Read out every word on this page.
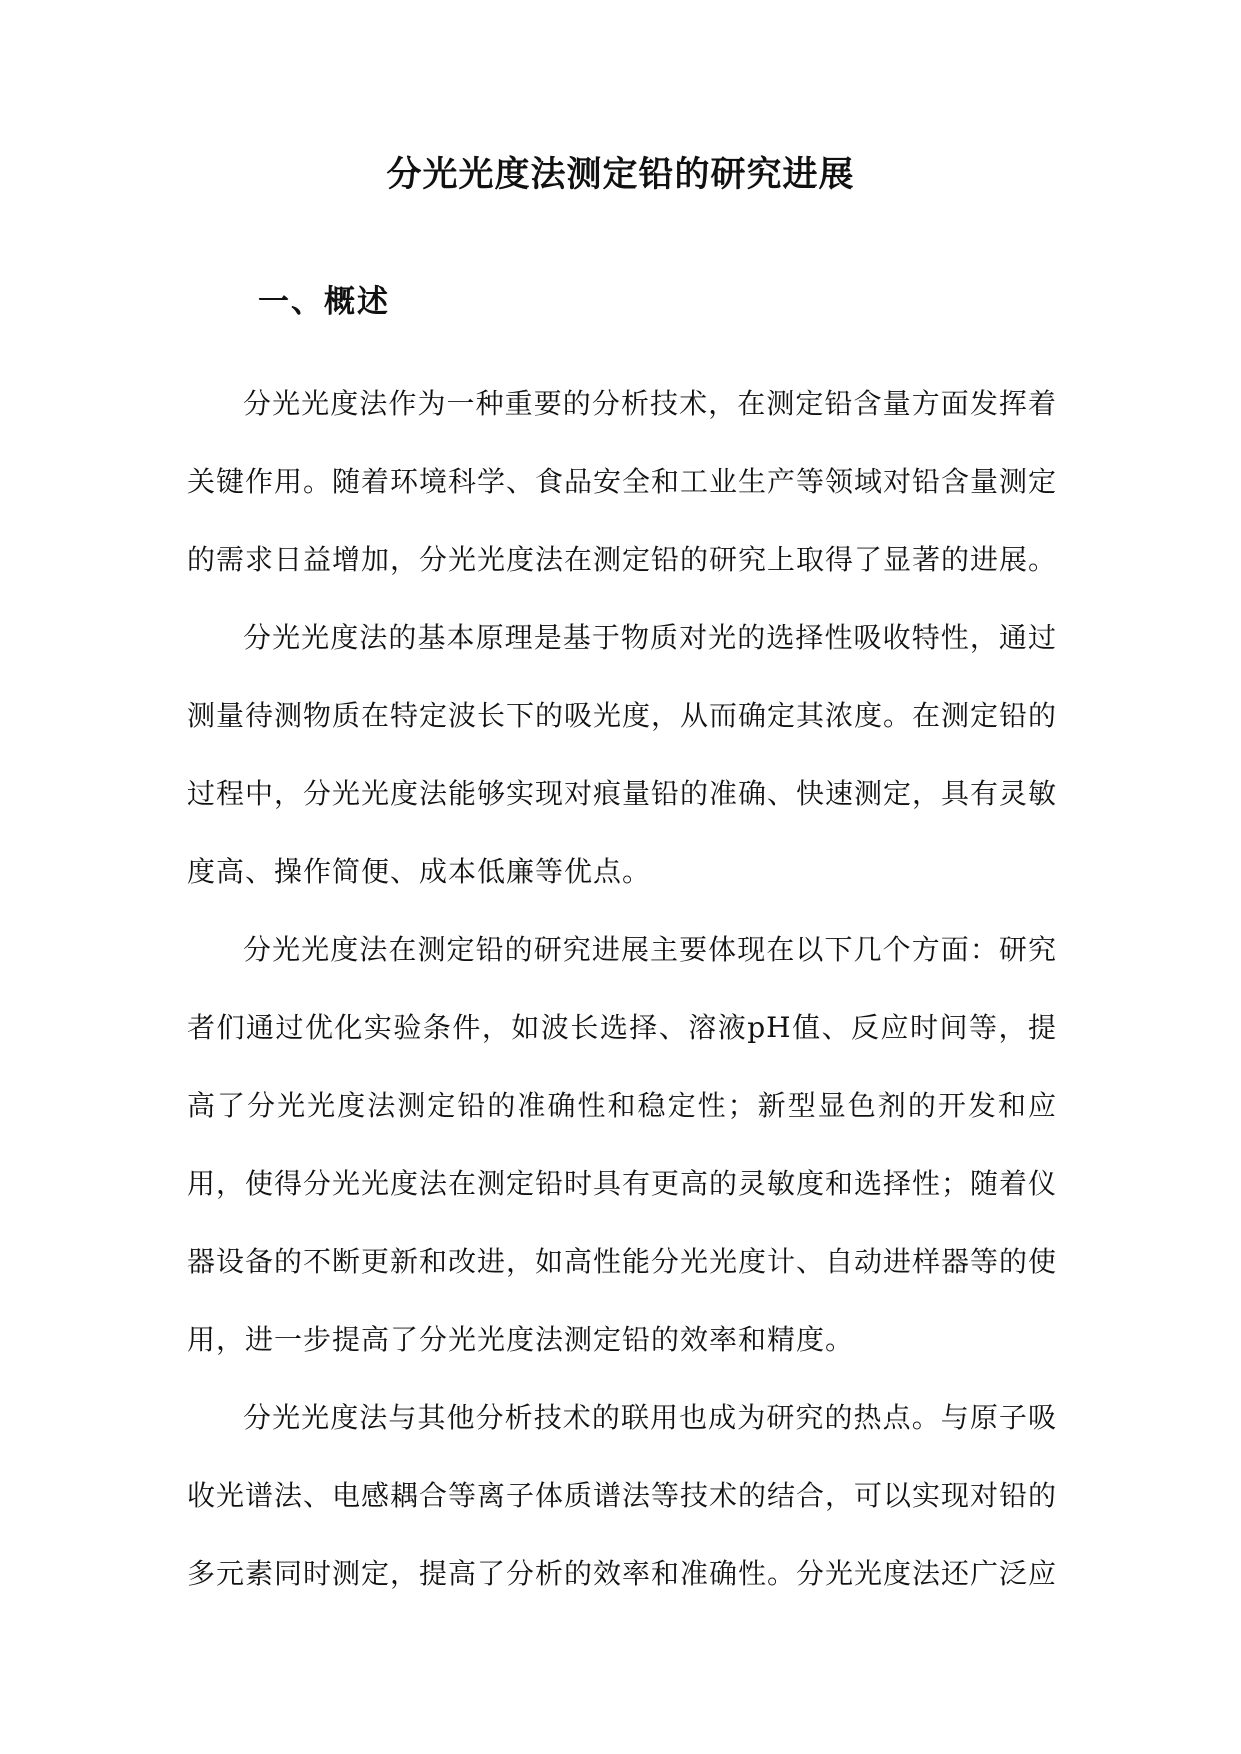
分光光度法测定铅的研究进展
一、概述

分光光度法作为一种重要的分析技术，在测定铅含量方面发挥着关键作用。随着环境科学、食品安全和工业生产等领域对铅含量测定的需求日益增加，分光光度法在测定铅的研究上取得了显著的进展。

分光光度法的基本原理是基于物质对光的选择性吸收特性，通过测量待测物质在特定波长下的吸光度，从而确定其浓度。在测定铅的过程中，分光光度法能够实现对痕量铅的准确、快速测定，具有灵敏度高、操作简便、成本低廉等优点。

分光光度法在测定铅的研究进展主要体现在以下几个方面：研究者们通过优化实验条件，如波长选择、溶液pH值、反应时间等，提高了分光光度法测定铅的准确性和稳定性；新型显色剂的开发和应用，使得分光光度法在测定铅时具有更高的灵敏度和选择性；随着仪器设备的不断更新和改进，如高性能分光光度计、自动进样器等的使用，进一步提高了分光光度法测定铅的效率和精度。

分光光度法与其他分析技术的联用也成为研究的热点。与原子吸收光谱法、电感耦合等离子体质谱法等技术的结合，可以实现对铅的多元素同时测定，提高了分析的效率和准确性。分光光度法还广泛应
